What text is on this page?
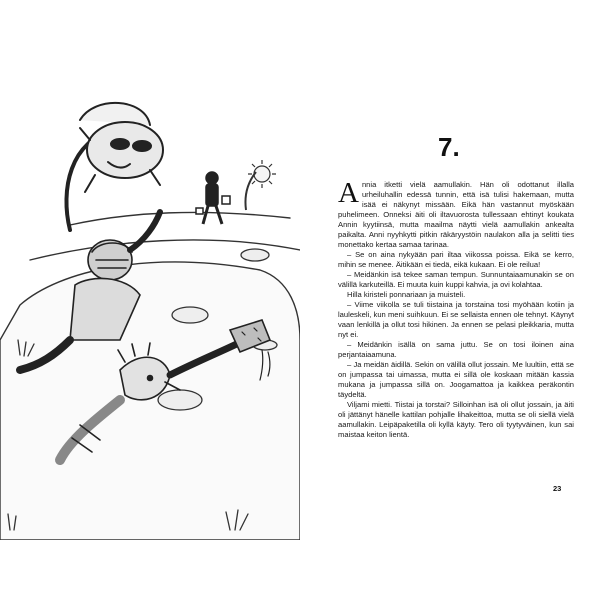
7.

Annia itketti vielä aamullakin. Hän oli odottanut illalla urheiluhallin edessä tunnin, että isä tulisi hakemaan, mutta isää ei näkynyt missään. Eikä hän vastannut myöskään puhelimeen. Onneksi äiti oli iltavuorosta tullessaan ehtinyt koukata Annin kyytiinsä, mutta maailma näytti vielä aamullakin ankealta paikalta. Anni nyyhkytti pitkin räkäryystöin naulakon alla ja selitti ties monettako kertaa samaa tarinaa.

– Se on aina nykyään pari iltaa viikossa poissa. Eikä se kerro, mihin se menee. Äitikään ei tiedä, eikä kukaan. Ei ole reilua!

– Meidänkin isä tekee saman tempun. Sunnuntaiaamunakin se on välillä karkuteillä. Ei muuta kuin kuppi kahvia, ja ovi kolahtaa.

Hilla kiristeli ponnariaan ja muisteli.

– Viime viikolla se tuli tiistaina ja torstaina tosi myöhään kotiin ja lauleskeli, kun meni suihkuun. Ei se sellaista ennen ole tehnyt. Käynyt vaan lenkillä ja ollut tosi hikinen. Ja ennen se pelasi pleikkaria, mutta nyt ei.

– Meidänkin isällä on sama juttu. Se on tosi iloinen aina perjantaiaamuna.

– Ja meidän äidillä. Sekin on välillä ollut jossain. Me luultiin, että se on jumpassa tai uimassa, mutta ei sillä ole koskaan mitään kassia mukana ja jumpassa sillä on. Joogamattoa ja kaikkea peräkontin täydeltä.

Viljami mietti. Tiistai ja torstai? Silloinhan isä oli ollut jossain, ja äiti oli jättänyt hänelle kattilan pohjalle lihakeittoa, mutta se oli siellä vielä aamullakin. Leipäpaketilla oli kyllä käyty. Tero oli tyytyväinen, kun sai maistaa keiton lientä.

23
